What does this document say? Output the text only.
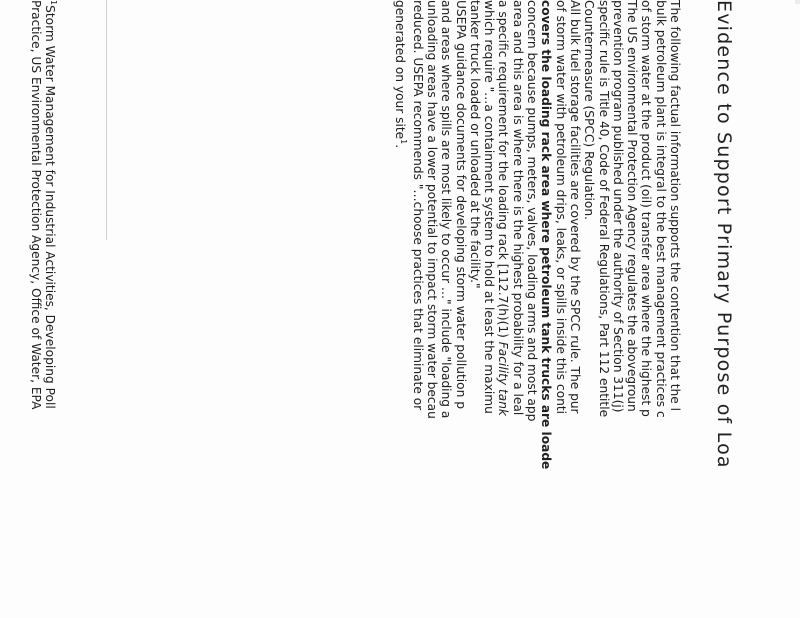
Evidence to Support Primary Purpose of Loa
The following factual information supports the contention that the l
bulk petroleum plant is integral to the best management practices c
of storm water at the product (oil) transfer area where the highest p
The US environmental Protection Agency regulates the abovegroun
prevention program published under the authority of Section 311(j)
specific rule is Title 40, Code of Federal Regulations, Part 112 entitle
Countermeasure (SPCC) Regulation.
All bulk fuel storage facilities are covered by the SPCC rule. The pur
of storm water with petroleum drips, leaks, or spills inside this conti
covers the loading rack area where petroleum tank trucks are loade
concern because pumps, meters, valves, loading arms and most app
area and this area is where there is the highest probability for a leal
a specific requirement for the loading rack [112.7(h)(1) Facility tank
which require "…a containment system to hold at least the maximu
tanker truck loaded or unloaded at the facility."
USEPA guidance documents for developing storm water pollution p
and areas where spills are most likely to occur …" include "loading a
unloading areas have a lower potential to impact storm water becau
reduced. USEPA recommends "…choose practices that eliminate or
generated on your site$^1$.
$^1$Storm Water Management for Industrial Activities, Developing Poll
Practice, US Environmental Protection Agency, Office of Water, EPA
